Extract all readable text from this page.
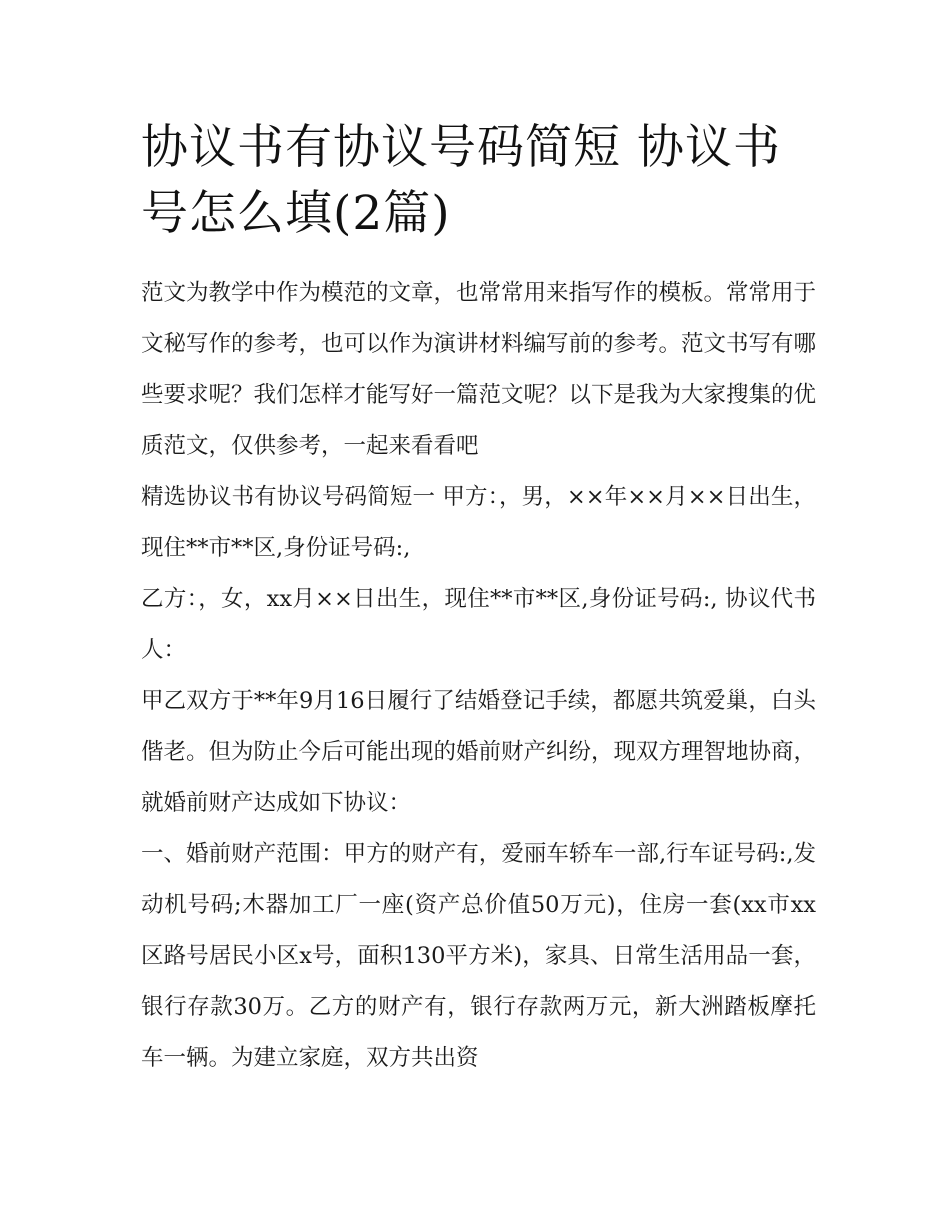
协议书有协议号码简短 协议书号怎么填(2篇)

范文为教学中作为模范的文章，也常常用来指写作的模板。常常用于文秘写作的参考，也可以作为演讲材料编写前的参考。范文书写有哪些要求呢？我们怎样才能写好一篇范文呢？以下是我为大家搜集的优质范文，仅供参考，一起来看看吧

精选协议书有协议号码简短一 甲方：，男，××年××月××日出生，现住**市**区,身份证号码:,

乙方：，女，xx月××日出生，现住**市**区,身份证号码:, 协议代书人：

甲乙双方于**年9月16日履行了结婚登记手续，都愿共筑爱巢，白头偕老。但为防止今后可能出现的婚前财产纠纷，现双方理智地协商，就婚前财产达成如下协议：

一、婚前财产范围：甲方的财产有，爱丽车轿车一部,行车证号码:,发动机号码;木器加工厂一座(资产总价值50万元)，住房一套(xx市xx区路号居民小区x号，面积130平方米)，家具、日常生活用品一套，银行存款30万。乙方的财产有，银行存款两万元，新大洲踏板摩托车一辆。为建立家庭，双方共出资
